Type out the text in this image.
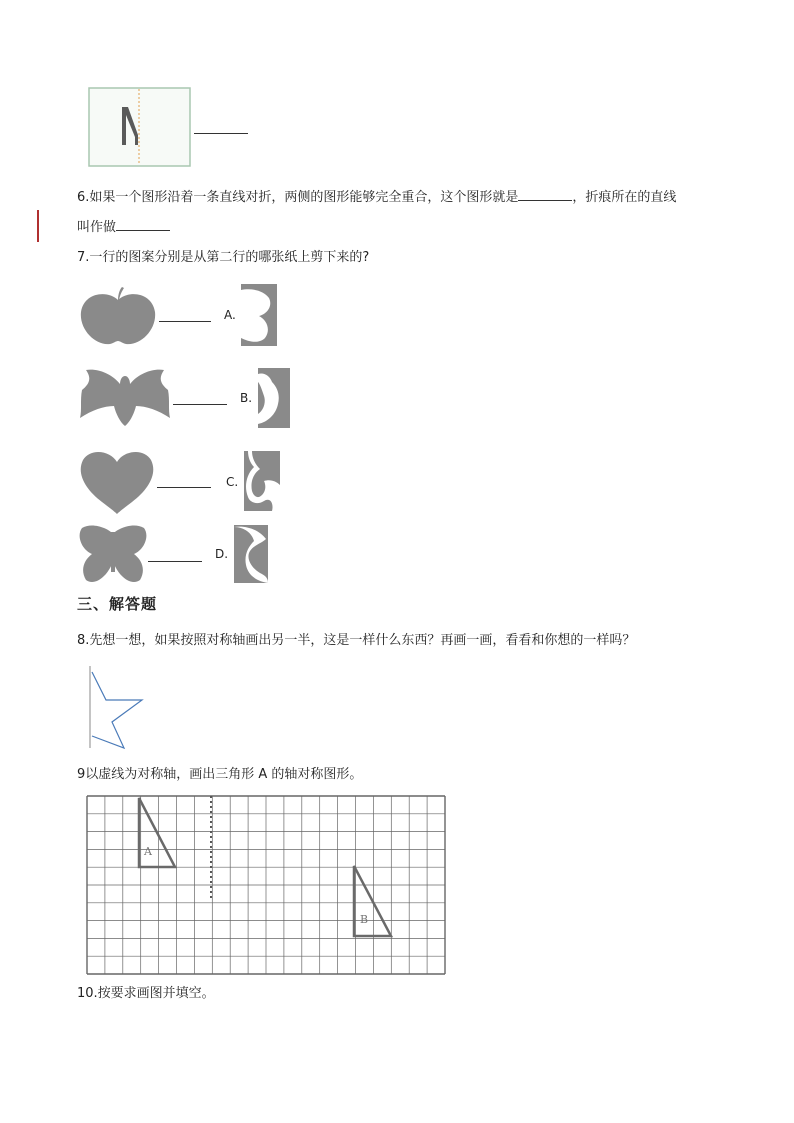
6.如果一个图形沿着一条直线对折，两侧的图形能够完全重合，这个图形就是	，折痕所在的直线
叫作做
7.一行的图案分别是从第二行的哪张纸上剪下来的?
A.
B.
C.
D.
三、解答题
8.先想一想，如果按照对称轴画出另一半，这是一样什么东西？再画一画，看看和你想的一样吗？
9以虚线为对称轴，画出三角形 A 的轴对称图形。
A
B
10.按要求画图并填空。
